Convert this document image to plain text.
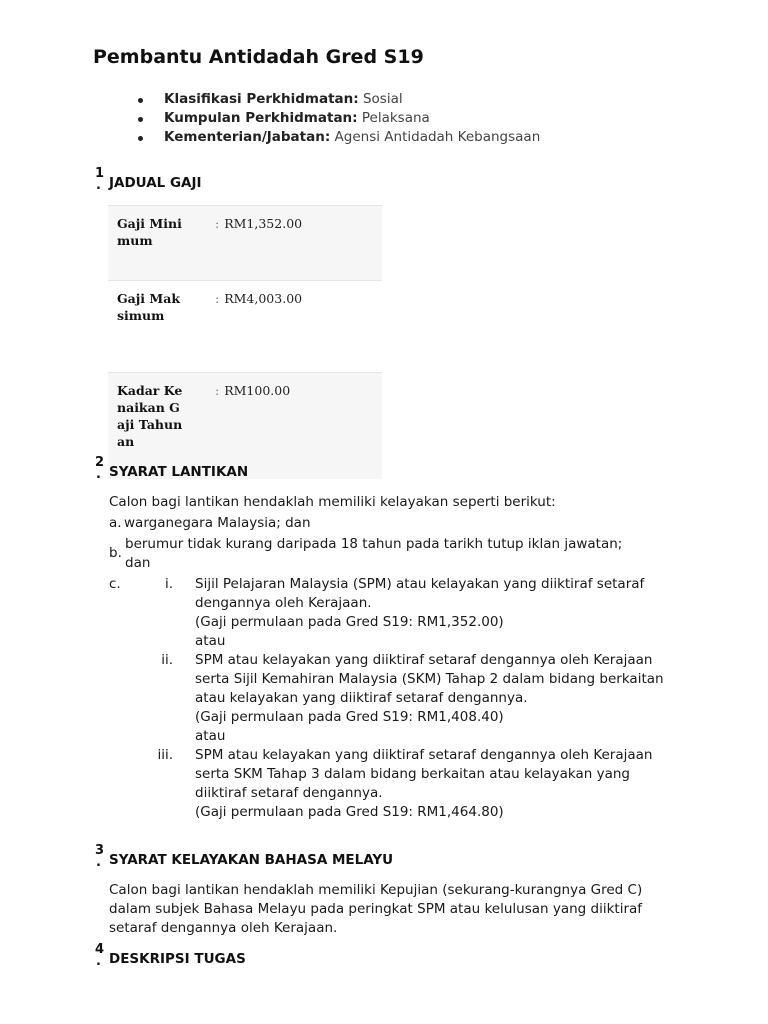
Pembantu Antidadah Gred S19
Klasifikasi Perkhidmatan: Sosial
Kumpulan Perkhidmatan: Pelaksana
Kementerian/Jabatan: Agensi Antidadah Kebangsaan
1
. JADUAL GAJI
Gaji Minimum	: RM1,352.00

Gaji Maksimum	: RM4,003.00

Kadar Kenaikan Gaji Tahunan	: RM100.00
2
. SYARAT LANTIKAN
Calon bagi lantikan hendaklah memiliki kelayakan seperti berikut:
a. warganegara Malaysia; dan
b.
berumur tidak kurang daripada 18 tahun pada tarikh tutup iklan jawatan; dan
c.	i. Sijil Pelajaran Malaysia (SPM) atau kelayakan yang diiktiraf setaraf dengannya oleh Kerajaan.

(Gaji permulaan pada Gred S19: RM1,352.00)

atau

ii. SPM atau kelayakan yang diiktiraf setaraf dengannya oleh Kerajaan serta Sijil Kemahiran Malaysia (SKM) Tahap 2 dalam bidang berkaitan atau kelayakan yang diiktiraf setaraf dengannya.

(Gaji permulaan pada Gred S19: RM1,408.40)

atau

iii. SPM atau kelayakan yang diiktiraf setaraf dengannya oleh Kerajaan serta SKM Tahap 3 dalam bidang berkaitan atau kelayakan yang diiktiraf setaraf dengannya.

(Gaji permulaan pada Gred S19: RM1,464.80)

3
. SYARAT KELAYAKAN BAHASA MELAYU
Calon bagi lantikan hendaklah memiliki Kepujian (sekurang-kurangnya Gred C) dalam subjek Bahasa Melayu pada peringkat SPM atau kelulusan yang diiktiraf setaraf dengannya oleh Kerajaan.
4
. DESKRIPSI TUGAS
